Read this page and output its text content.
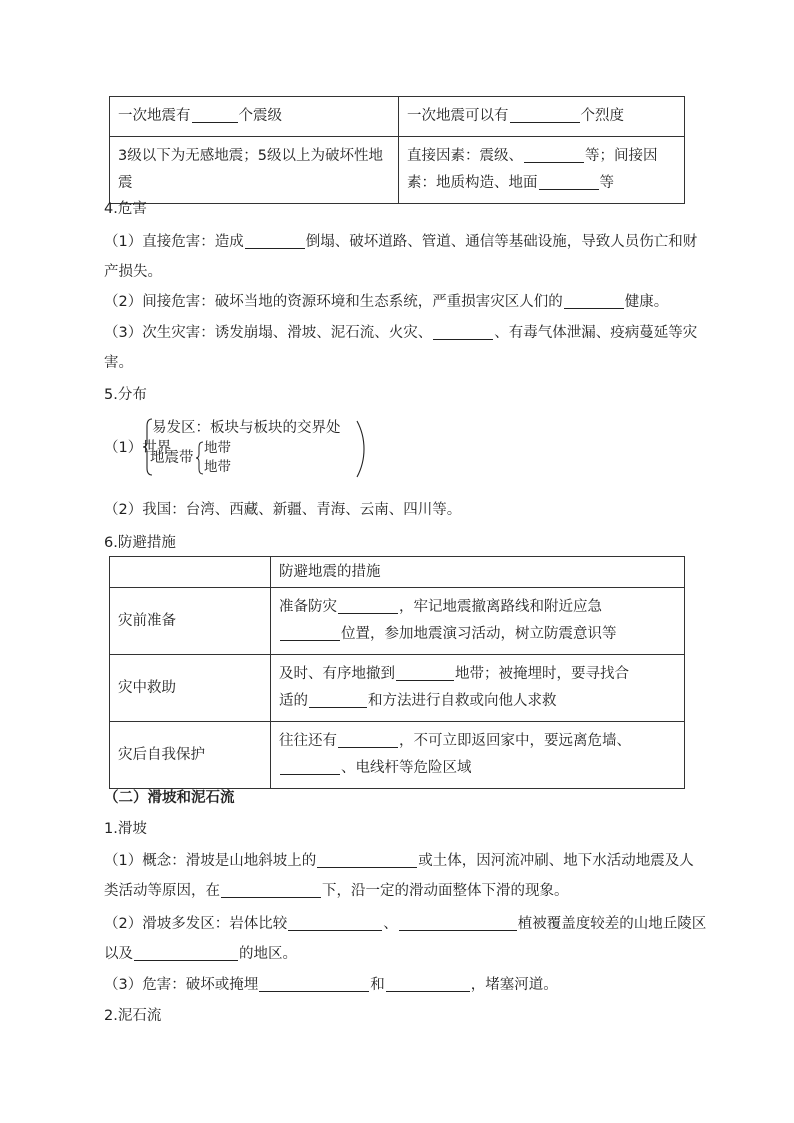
一次地震有 个震级	一次地震可以有 个烈度
3级以下为无感地震；5级以上为破坏性地震	直接因素：震级、 等；间接因素：地质构造、地面 等
4.危害
（1）直接危害：造成	倒塌、破坏道路、管道、通信等基础设施，导致人员伤亡和财
产损失。
（2）间接危害：破坏当地的资源环境和生态系统，严重损害灾区人们的	健康。
（3）次生灾害：诱发崩塌、滑坡、泥石流、火灾、	、有毒气体泄漏、疫病蔓延等灾
害。
5.分布
（1）世界
易发区：板块与板块的交界处
地震带
地带
地带
（2）我国：台湾、西藏、新疆、青海、云南、四川等。
6.防避措施
	防避地震的措施
灾前准备	准备防灾 ，牢记地震撤离路线和附近应急
位置，参加地震演习活动，树立防震意识等
灾中救助	及时、有序地撤到 地带；被掩埋时，要寻找合
适的 和方法进行自救或向他人求救
灾后自我保护	往往还有 ，不可立即返回家中，要远离危墙、
、电线杆等危险区域
（二）滑坡和泥石流
1.滑坡
（1）概念：滑坡是山地斜坡上的	或土体，因河流冲刷、地下水活动地震及人
类活动等原因，在	下，沿一定的滑动面整体下滑的现象。
（2）滑坡多发区：岩体比较	、	植被覆盖度较差的山地丘陵区
以及	的地区。
（3）危害：破坏或掩埋	和	，堵塞河道。
2.泥石流
